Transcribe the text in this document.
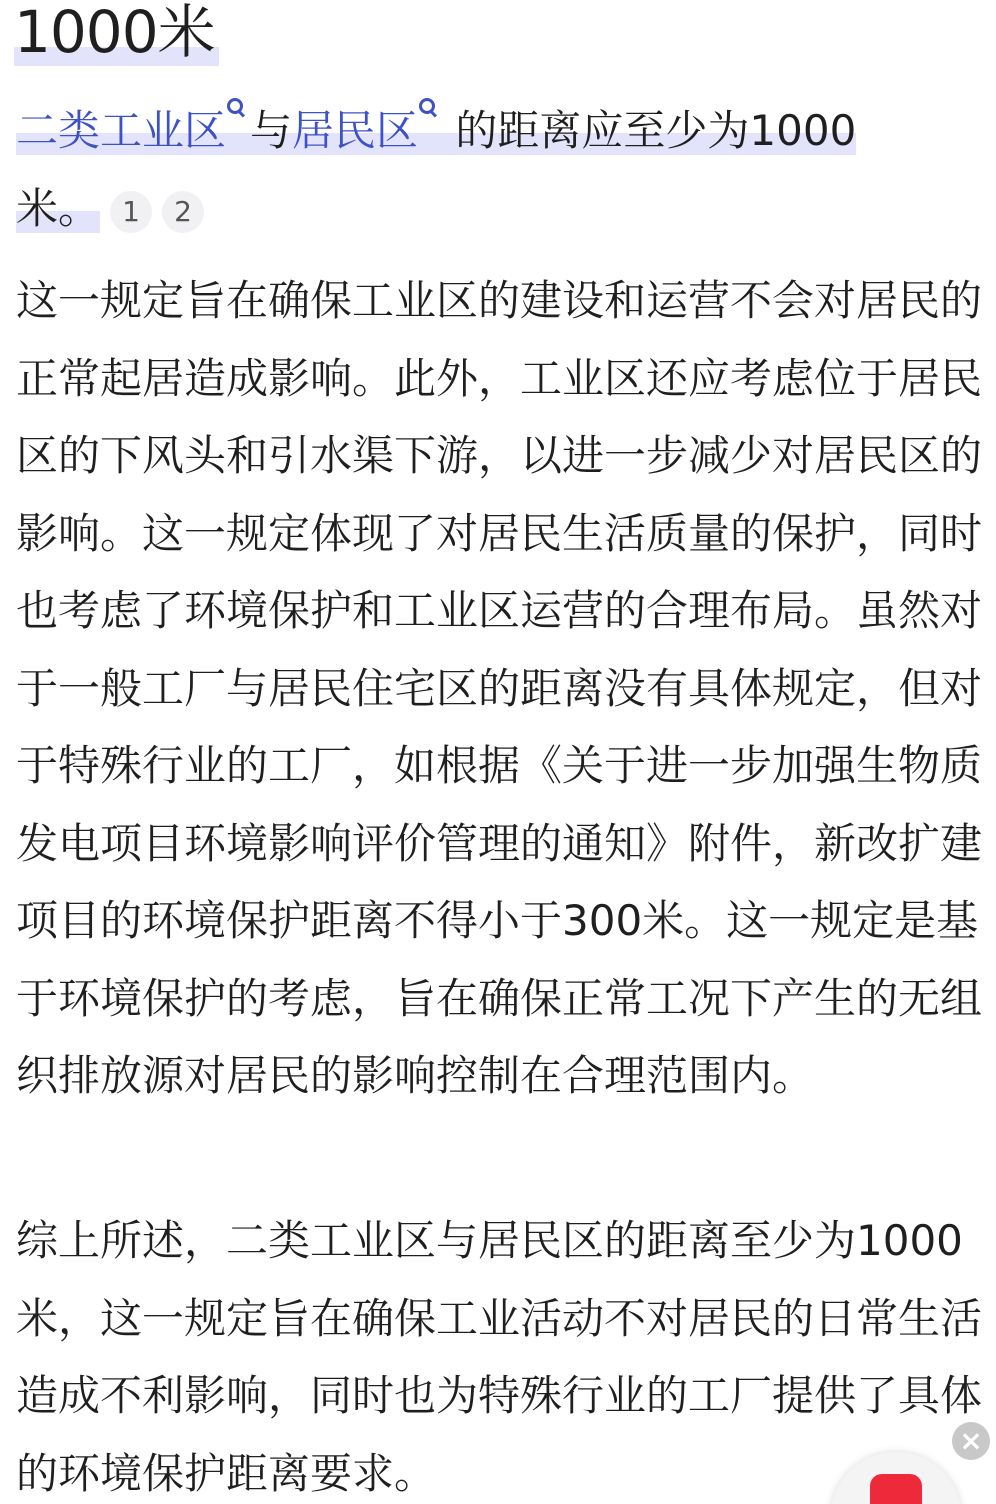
1000米
二类工业区 与居民区 的距离应至少为1000米。 1 2

这一规定旨在确保工业区的建设和运营不会对居民的正常起居造成影响。此外，工业区还应考虑位于居民区的下风头和引水渠下游，以进一步减少对居民区的影响。这一规定体现了对居民生活质量的保护，同时也考虑了环境保护和工业区运营的合理布局。虽然对于一般工厂与居民住宅区的距离没有具体规定，但对于特殊行业的工厂，如根据《关于进一步加强生物质发电项目环境影响评价管理的通知》附件，新改扩建项目的环境保护距离不得小于300米。这一规定是基于环境保护的考虑，旨在确保正常工况下产生的无组织排放源对居民的影响控制在合理范围内。

综上所述，二类工业区与居民区的距离至少为1000米，这一规定旨在确保工业活动不对居民的日常生活造成不利影响，同时也为特殊行业的工厂提供了具体的环境保护距离要求。

×
